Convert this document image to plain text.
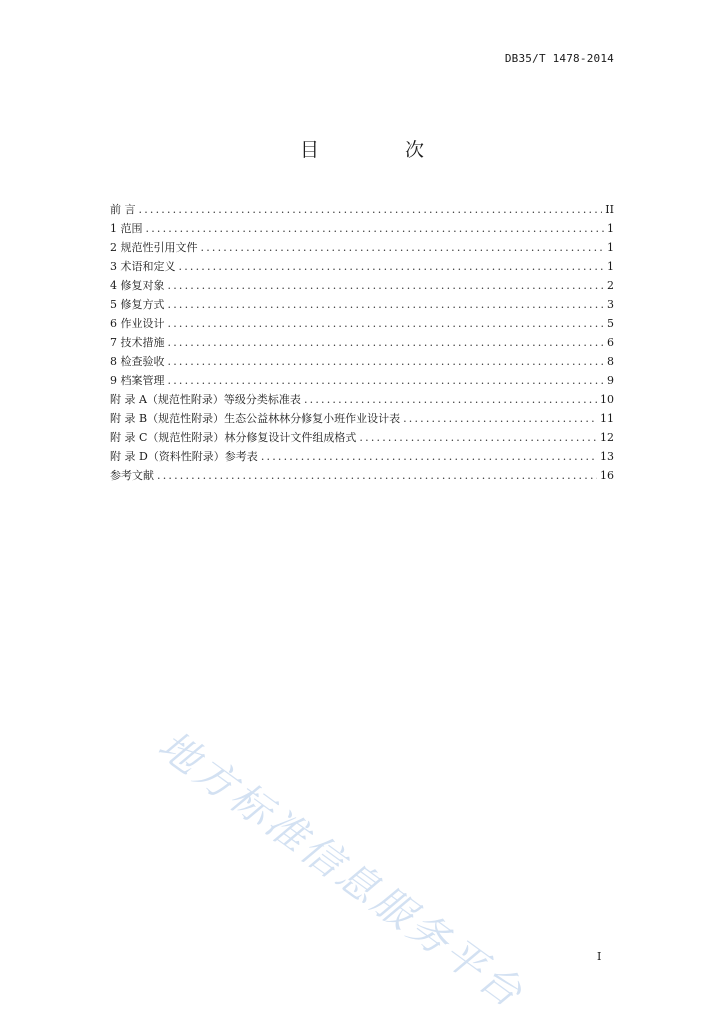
DB35/T 1478-2014
目 次
前 言 .....	II
1 范围 .....	1
2 规范性引用文件 .....	1
3 术语和定义 .....	1
4 修复对象 .....	2
5 修复方式 .....	3
6 作业设计 .....	5
7 技术措施 .....	6
8 检查验收 .....	8
9 档案管理 .....	9
附 录 A（规范性附录）等级分类标准表 .....	10
附 录 B（规范性附录）生态公益林林分修复小班作业设计表 .....	11
附 录 C（规范性附录）林分修复设计文件组成格式 .....	12
附 录 D（资料性附录）参考表 .....	13
参考文献 .....	16
地方标准信息服务平台	I
